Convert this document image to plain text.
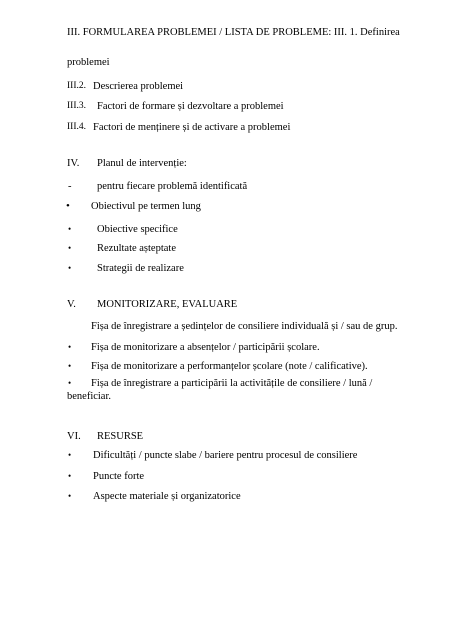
III. FORMULAREA PROBLEMEI / LISTA DE PROBLEME: III. 1. Definirea
problemei
III.2. Descrierea problemei
III.3. Factori de formare și dezvoltare a problemei
III.4. Factori de menținere și de activare a problemei
IV. Planul de intervenție:
- pentru fiecare problemă identificată
• Obiectivul pe termen lung
• Obiective specifice
• Rezultate așteptate
• Strategii de realizare
V. MONITORIZARE, EVALUARE
Fișa de înregistrare a ședințelor de consiliere individuală și / sau de grup.
• Fișa de monitorizare a absențelor / participării școlare.
• Fișa de monitorizare a performanțelor școlare (note / calificative).
• Fișa de înregistrare a participării la activitățile de consiliere / lună /
beneficiar.
VI. RESURSE
• Dificultăți / puncte slabe / bariere pentru procesul de consiliere
• Puncte forte
• Aspecte materiale și organizatorice
